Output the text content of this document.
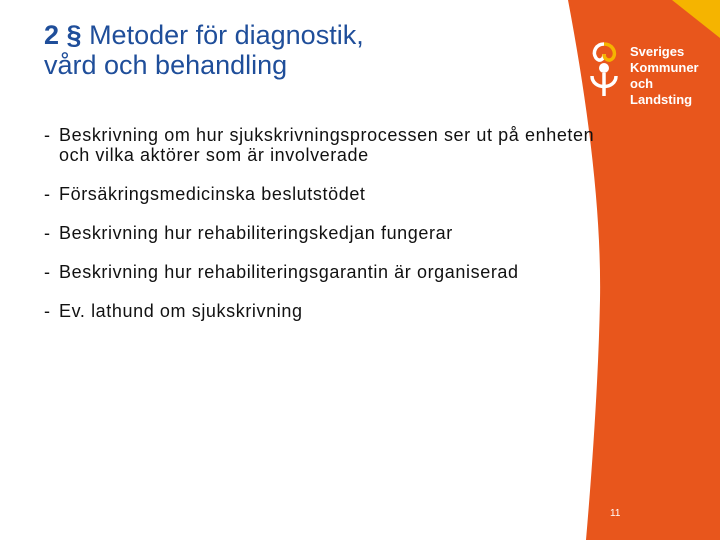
2 § Metoder för diagnostik,
vård och behandling
- Beskrivning om hur sjukskrivningsprocessen ser ut på enheten och vilka aktörer som är involverade
- Försäkringsmedicinska beslutstödet
- Beskrivning hur rehabiliteringskedjan fungerar
- Beskrivning hur rehabiliteringsgarantin är organiserad
- Ev. lathund om sjukskrivning
Sveriges
Kommuner
och Landsting
11
